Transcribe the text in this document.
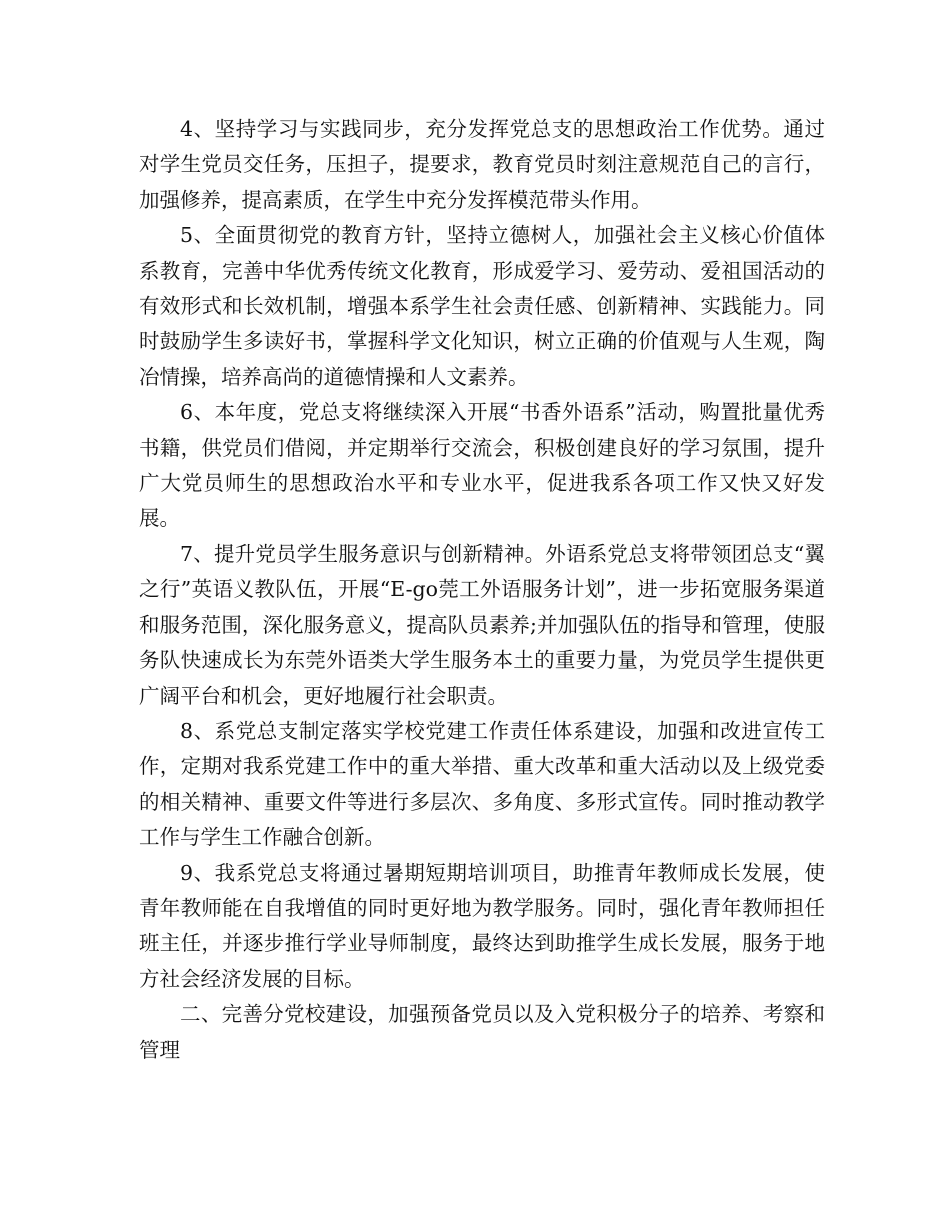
4、坚持学习与实践同步，充分发挥党总支的思想政治工作优势。通过对学生党员交任务，压担子，提要求，教育党员时刻注意规范自己的言行，加强修养，提高素质，在学生中充分发挥模范带头作用。

5、全面贯彻党的教育方针，坚持立德树人，加强社会主义核心价值体系教育，完善中华优秀传统文化教育，形成爱学习、爱劳动、爱祖国活动的有效形式和长效机制，增强本系学生社会责任感、创新精神、实践能力。同时鼓励学生多读好书，掌握科学文化知识，树立正确的价值观与人生观，陶冶情操，培养高尚的道德情操和人文素养。

6、本年度，党总支将继续深入开展“书香外语系”活动，购置批量优秀书籍，供党员们借阅，并定期举行交流会，积极创建良好的学习氛围，提升广大党员师生的思想政治水平和专业水平，促进我系各项工作又快又好发展。

7、提升党员学生服务意识与创新精神。外语系党总支将带领团总支“翼之行”英语义教队伍，开展“E-go莞工外语服务计划”，进一步拓宽服务渠道和服务范围，深化服务意义，提高队员素养;并加强队伍的指导和管理，使服务队快速成长为东莞外语类大学生服务本土的重要力量，为党员学生提供更广阔平台和机会，更好地履行社会职责。

8、系党总支制定落实学校党建工作责任体系建设，加强和改进宣传工作，定期对我系党建工作中的重大举措、重大改革和重大活动以及上级党委的相关精神、重要文件等进行多层次、多角度、多形式宣传。同时推动教学工作与学生工作融合创新。

9、我系党总支将通过暑期短期培训项目，助推青年教师成长发展，使青年教师能在自我增值的同时更好地为教学服务。同时，强化青年教师担任班主任，并逐步推行学业导师制度，最终达到助推学生成长发展，服务于地方社会经济发展的目标。

二、完善分党校建设，加强预备党员以及入党积极分子的培养、考察和管理
